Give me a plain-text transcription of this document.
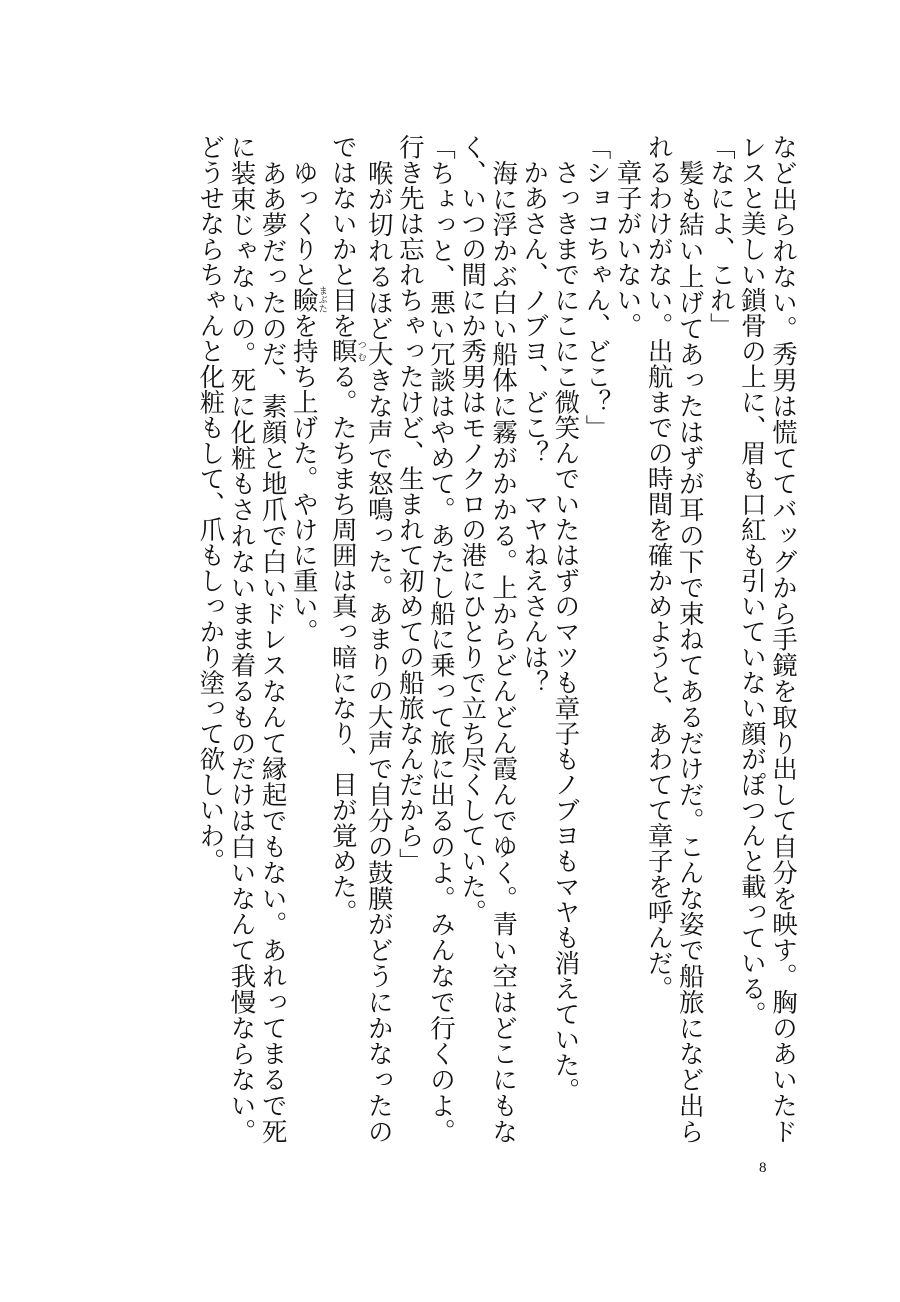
など出られない。秀男は慌ててバッグから手鏡を取り出して自分を映す。胸のあいたドレスと美しい鎖骨の上に、眉も口紅も引いていない顔がぽつんと載っている。

「なによ、これ」

　髪も結い上げてあったはずが耳の下で束ねてあるだけだ。こんな姿で船旅になど出られるわけがない。出航までの時間を確かめようと、あわてて章子を呼んだ。

　章子がいない。

「ショコちゃん、どこ？」

　さっきまでにこにこ微笑んでいたはずのマツも章子もノブヨもマヤも消えていた。

　かあさん、ノブヨ、どこ？　マヤねえさんは？

　海に浮かぶ白い船体に霧がかかる。上からどんどん霞んでゆく。青い空はどこにもなく、いつの間にか秀男はモノクロの港にひとりで立ち尽くしていた。

「ちょっと、悪い冗談はやめて。あたし船に乗って旅に出るのよ。みんなで行くのよ。行き先は忘れちゃったけど、生まれて初めての船旅なんだから」

　喉が切れるほど大きな声で怒鳴った。あまりの大声で自分の鼓膜がどうにかなったのではないかと目を瞑つむる。たちまち周囲は真っ暗になり、目が覚めた。

　ゆっくりと瞼まぶたを持ち上げた。やけに重い。

　ああ夢だったのだ、素顔と地爪で白いドレスなんて縁起でもない。あれってまるで死に装束じゃないの。死に化粧もされないまま着るものだけは白いなんて我慢ならない。どうせならちゃんと化粧もして、爪もしっかり塗って欲しいわ。

8
